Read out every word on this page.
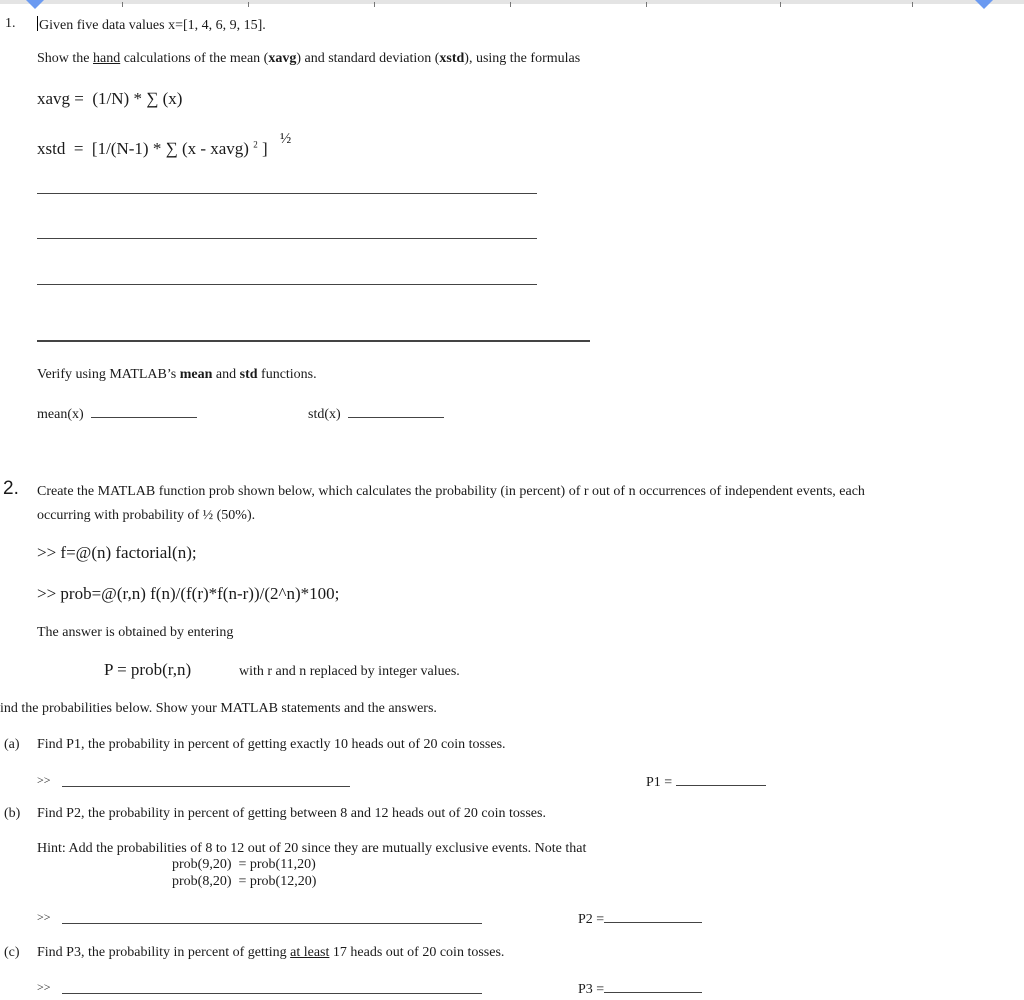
1. Given five data values x=[1, 4, 6, 9, 15].
Show the hand calculations of the mean (xavg) and standard deviation (xstd), using the formulas
xavg =  (1/N) * ∑ (x)
xstd  =  [1/(N-1) * ∑ (x - xavg) $^2$ ] ½
Verify using MATLAB’s mean and std functions.
mean(x)	std(x)
2. Create the MATLAB function prob shown below, which calculates the probability (in percent) of r out of n occurrences of independent events, each
occurring with probability of ½ (50%).
>> f=@(n) factorial(n);
>> prob=@(r,n) f(n)/(f(r)*f(n-r))/(2^n)*100;
The answer is obtained by entering
P = prob(r,n)	with r and n replaced by integer values.
ind the probabilities below. Show your MATLAB statements and the answers.
(a) Find P1, the probability in percent of getting exactly 10 heads out of 20 coin tosses.
>>	P1 =
(b) Find P2, the probability in percent of getting between 8 and 12 heads out of 20 coin tosses.
Hint: Add the probabilities of 8 to 12 out of 20 since they are mutually exclusive events. Note that
prob(9,20)  = prob(11,20)
prob(8,20)  = prob(12,20)
>>	P2 =
(c) Find P3, the probability in percent of getting at least 17 heads out of 20 coin tosses.
>>	P3 =
